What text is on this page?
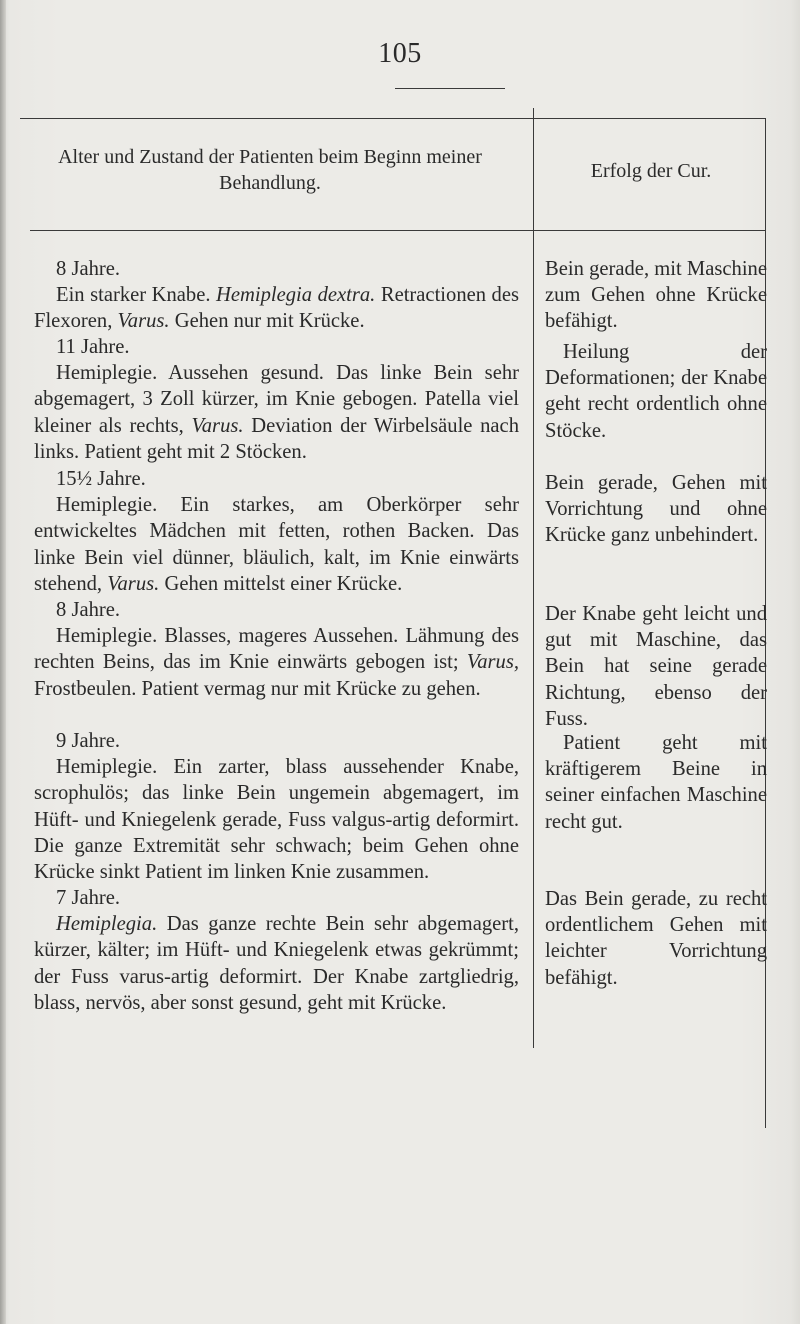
105
Alter und Zustand der Patienten beim Beginn meiner
Behandlung.
Erfolg der Cur.

8 Jahre.

Ein starker Knabe. Hemiplegia dextra. Retractionen des Flexoren, Varus. Gehen nur mit Krücke.

11 Jahre.

Hemiplegie. Aussehen gesund. Das linke Bein sehr abgemagert, 3 Zoll kürzer, im Knie gebogen. Patella viel kleiner als rechts, Varus. Deviation der Wirbelsäule nach links. Patient geht mit 2 Stöcken.

15½ Jahre.

Hemiplegie. Ein starkes, am Oberkörper sehr entwickeltes Mädchen mit fetten, rothen Backen. Das linke Bein viel dünner, bläulich, kalt, im Knie einwärts stehend, Varus. Gehen mittelst einer Krücke.

8 Jahre.

Hemiplegie. Blasses, mageres Aussehen. Lähmung des rechten Beins, das im Knie einwärts gebogen ist; Varus, Frostbeulen. Patient vermag nur mit Krücke zu gehen.

9 Jahre.

Hemiplegie. Ein zarter, blass aussehender Knabe, scrophulös; das linke Bein ungemein abgemagert, im Hüft- und Kniegelenk gerade, Fuss valgus-artig deformirt. Die ganze Extremität sehr schwach; beim Gehen ohne Krücke sinkt Patient im linken Knie zusammen.

7 Jahre.

Hemiplegia. Das ganze rechte Bein sehr abgemagert, kürzer, kälter; im Hüft- und Kniegelenk etwas gekrümmt; der Fuss varus-artig deformirt. Der Knabe zartgliedrig, blass, nervös, aber sonst gesund, geht mit Krücke.

Bein gerade, mit Maschine zum Gehen ohne Krücke befähigt.

Heilung der Deformationen; der Knabe geht recht ordentlich ohne Stöcke.

Bein gerade, Gehen mit Vorrichtung und ohne Krücke ganz unbehindert.

Der Knabe geht leicht und gut mit Maschine, das Bein hat seine gerade Richtung, ebenso der Fuss.

Patient geht mit kräftigerem Beine in seiner einfachen Maschine recht gut.

Das Bein gerade, zu recht ordentlichem Gehen mit leichter Vorrichtung befähigt.
